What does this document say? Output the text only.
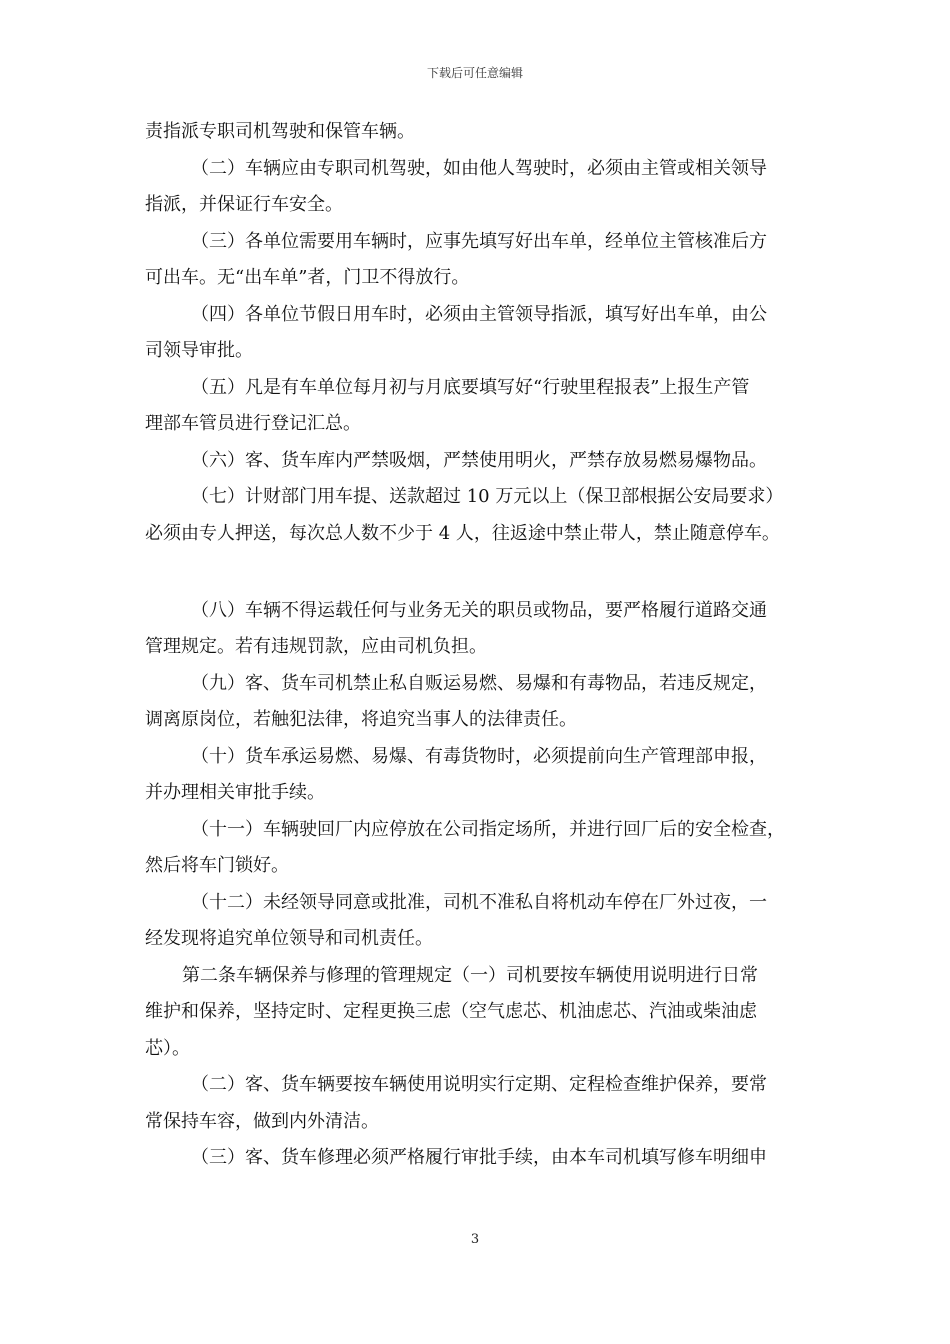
下载后可任意编辑
责指派专职司机驾驶和保管车辆。
（二）车辆应由专职司机驾驶，如由他人驾驶时，必须由主管或相关领导
指派，并保证行车安全。
（三）各单位需要用车辆时，应事先填写好出车单，经单位主管核准后方
可出车。无“出车单”者，门卫不得放行。
（四）各单位节假日用车时，必须由主管领导指派，填写好出车单，由公
司领导审批。
（五）凡是有车单位每月初与月底要填写好“行驶里程报表”上报生产管
理部车管员进行登记汇总。
（六）客、货车库内严禁吸烟，严禁使用明火，严禁存放易燃易爆物品。
（七）计财部门用车提、送款超过 10 万元以上（保卫部根据公安局要求）
必须由专人押送，每次总人数不少于 4 人，往返途中禁止带人，禁止随意停车。
（八）车辆不得运载任何与业务无关的职员或物品，要严格履行道路交通
管理规定。若有违规罚款，应由司机负担。
（九）客、货车司机禁止私自贩运易燃、易爆和有毒物品，若违反规定，
调离原岗位，若触犯法律，将追究当事人的法律责任。
（十）货车承运易燃、易爆、有毒货物时，必须提前向生产管理部申报，
并办理相关审批手续。
（十一）车辆驶回厂内应停放在公司指定场所，并进行回厂后的安全检查，
然后将车门锁好。
（十二）未经领导同意或批准，司机不准私自将机动车停在厂外过夜，一
经发现将追究单位领导和司机责任。
第二条车辆保养与修理的管理规定（一）司机要按车辆使用说明进行日常
维护和保养，坚持定时、定程更换三虑（空气虑芯、机油虑芯、汽油或柴油虑
芯）。
（二）客、货车辆要按车辆使用说明实行定期、定程检查维护保养，要常
常保持车容，做到内外清洁。
（三）客、货车修理必须严格履行审批手续，由本车司机填写修车明细申
3
